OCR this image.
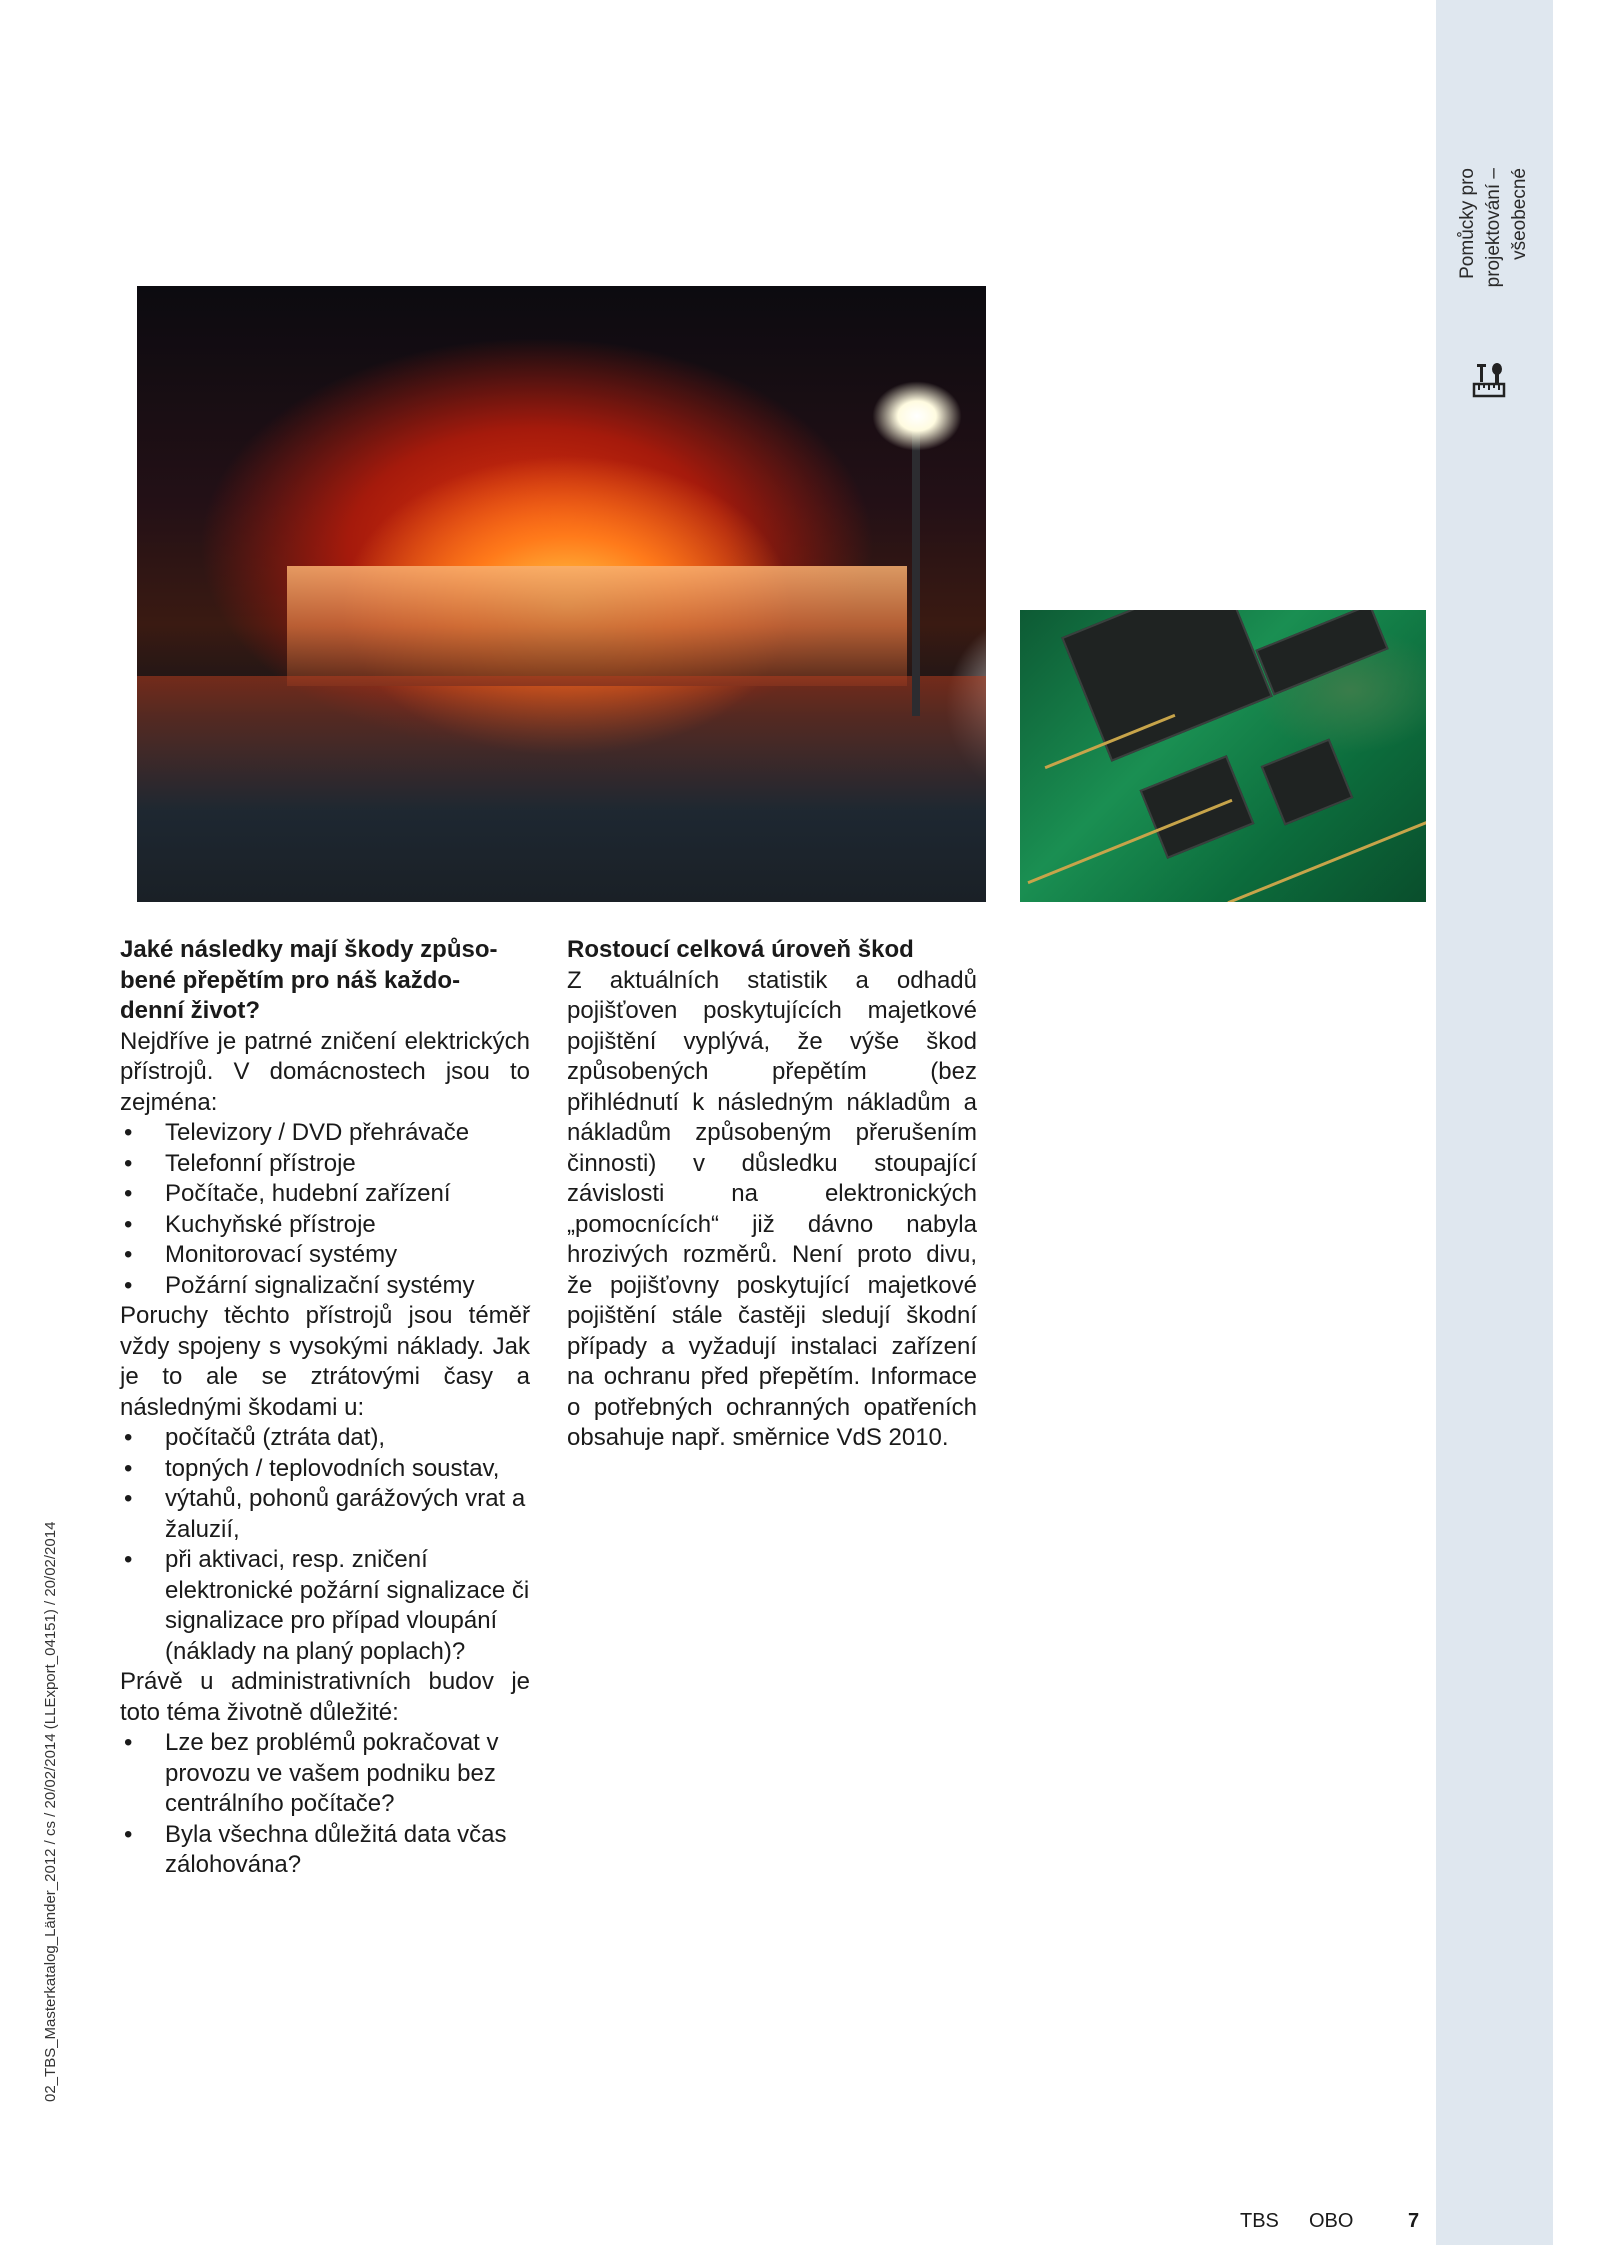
Pomůcky pro projektování – všeobecné
Jaké následky mají škody způso-
bené přepětím pro náš každo-
denní život?
Nejdříve je patrné zničení elektrických přístrojů. V domácnostech jsou to zejména:
• Televizory / DVD přehrávače
• Telefonní přístroje
• Počítače, hudební zařízení
• Kuchyňské přístroje
• Monitorovací systémy
• Požární signalizační systémy
Poruchy těchto přístrojů jsou téměř vždy spojeny s vysokými náklady. Jak je to ale se ztrátovými časy a následnými škodami u:
• počítačů (ztráta dat),
• topných / teplovodních soustav,
• výtahů, pohonů garážových vrat a žaluzií,
• při aktivaci, resp. zničení elektronické požární signalizace či signalizace pro případ vloupání (náklady na planý poplach)?
Právě u administrativních budov je toto téma životně důležité:
• Lze bez problémů pokračovat v provozu ve vašem podniku bez centrálního počítače?
• Byla všechna důležitá data včas zálohována?
Rostoucí celková úroveň škod
Z aktuálních statistik a odhadů pojišťoven poskytujících majetkové pojištění vyplývá, že výše škod způsobených přepětím (bez přihlédnutí k následným nákladům a nákladům způsobeným přerušením činnosti) v důsledku stoupající závislosti na elektronických „pomocnících“ již dávno nabyla hrozivých rozměrů. Není proto divu, že pojišťovny poskytující majetkové pojištění stále častěji sledují škodní případy a vyžadují instalaci zařízení na ochranu před přepětím. Informace o potřebných ochranných opatřeních obsahuje např. směrnice VdS 2010.
02_TBS_Masterkatalog_Länder_2012 / cs / 20/02/2014 (LLExport_04151) / 20/02/2014
TBS OBO	7
